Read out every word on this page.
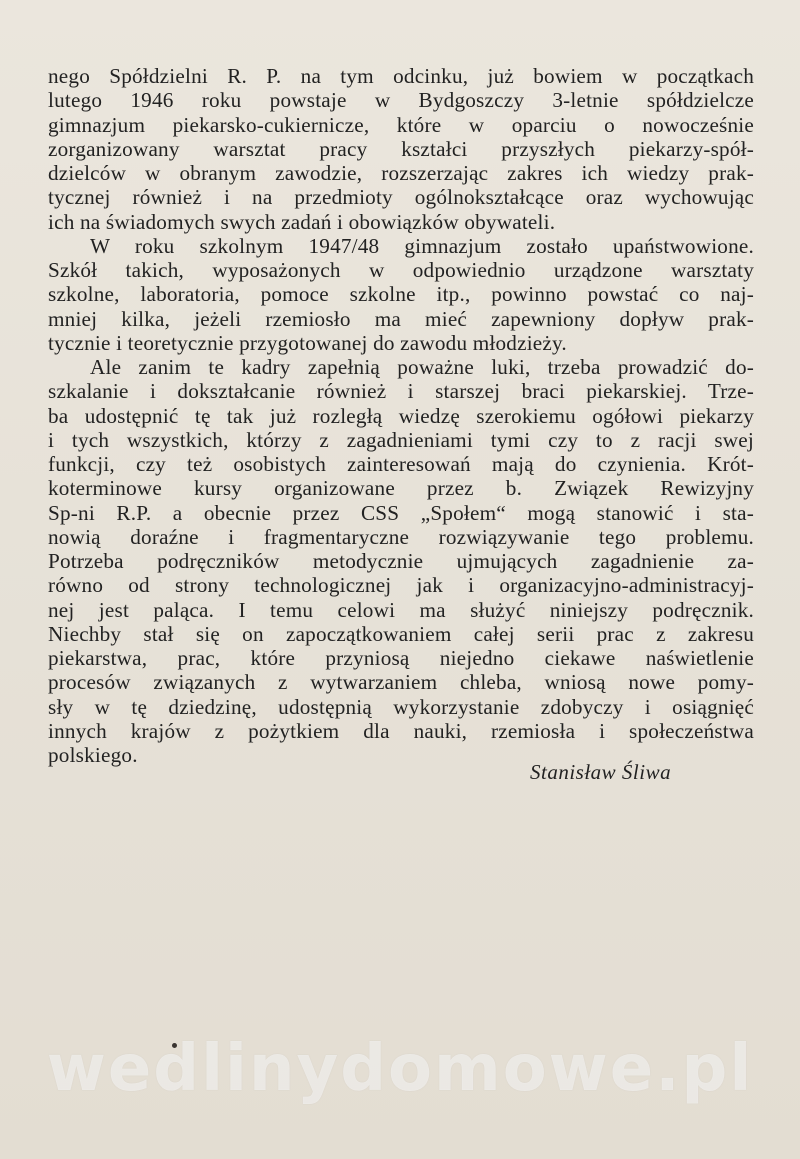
nego Spółdzielni R. P. na tym odcinku, już bowiem w początkach
lutego 1946 roku powstaje w Bydgoszczy 3-letnie spółdzielcze
gimnazjum piekarsko-cukiernicze, które w oparciu o nowocześnie
zorganizowany warsztat pracy kształci przyszłych piekarzy-spół-
dzielców w obranym zawodzie, rozszerzając zakres ich wiedzy prak-
tycznej również i na przedmioty ogólnokształcące oraz wychowując
ich na świadomych swych zadań i obowiązków obywateli.
W roku szkolnym 1947/48 gimnazjum zostało upaństwowione.
Szkół takich, wyposażonych w odpowiednio urządzone warsztaty
szkolne, laboratoria, pomoce szkolne itp., powinno powstać co naj-
mniej kilka, jeżeli rzemiosło ma mieć zapewniony dopływ prak-
tycznie i teoretycznie przygotowanej do zawodu młodzieży.
Ale zanim te kadry zapełnią poważne luki, trzeba prowadzić do-
szkalanie i dokształcanie również i starszej braci piekarskiej. Trze-
ba udostępnić tę tak już rozległą wiedzę szerokiemu ogółowi piekarzy
i tych wszystkich, którzy z zagadnieniami tymi czy to z racji swej
funkcji, czy też osobistych zainteresowań mają do czynienia. Krót-
koterminowe kursy organizowane przez b. Związek Rewizyjny
Sp-ni R.P. a obecnie przez CSS „Społem“ mogą stanowić i sta-
nowią doraźne i fragmentaryczne rozwiązywanie tego problemu.
Potrzeba podręczników metodycznie ujmujących zagadnienie za-
równo od strony technologicznej jak i organizacyjno-administracyj-
nej jest paląca. I temu celowi ma służyć niniejszy podręcznik.
Niechby stał się on zapoczątkowaniem całej serii prac z zakresu
piekarstwa, prac, które przyniosą niejedno ciekawe naświetlenie
procesów związanych z wytwarzaniem chleba, wniosą nowe pomy-
sły w tę dziedzinę, udostępnią wykorzystanie zdobyczy i osiągnięć
innych krajów z pożytkiem dla nauki, rzemiosła i społeczeństwa
polskiego.
Stanisław Śliwa
wedlinydomowe.pl
